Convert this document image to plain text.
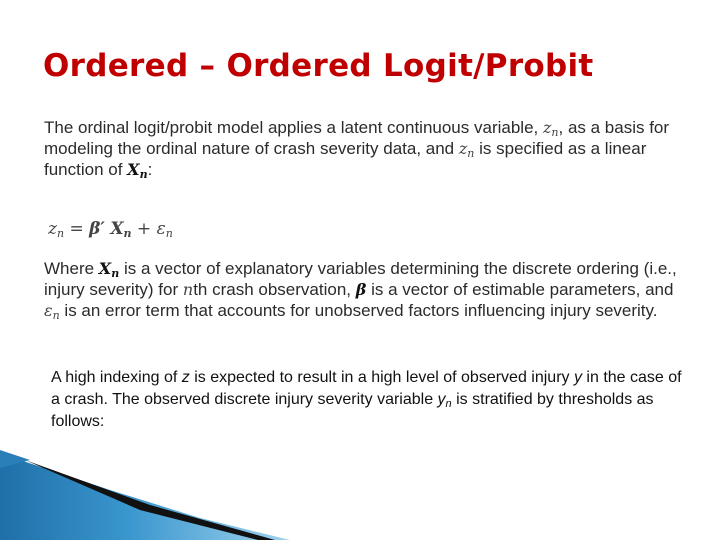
Ordered – Ordered Logit/Probit
The ordinal logit/probit model applies a latent continuous variable, $z_n$, as a basis for modeling the ordinal nature of crash severity data, and $z_n$ is specified as a linear function of $X_n$:
$z_n = \beta'$ $X_n + \varepsilon_n$
Where $X_n$ is a vector of explanatory variables determining the discrete ordering (i.e., injury severity) for nth crash observation, β is a vector of estimable parameters, and $\varepsilon_n$ is an error term that accounts for unobserved factors influencing injury severity.
A high indexing of z is expected to result in a high level of observed injury y in the case of a crash. The observed discrete injury severity variable $y_n$ is stratified by thresholds as follows:
